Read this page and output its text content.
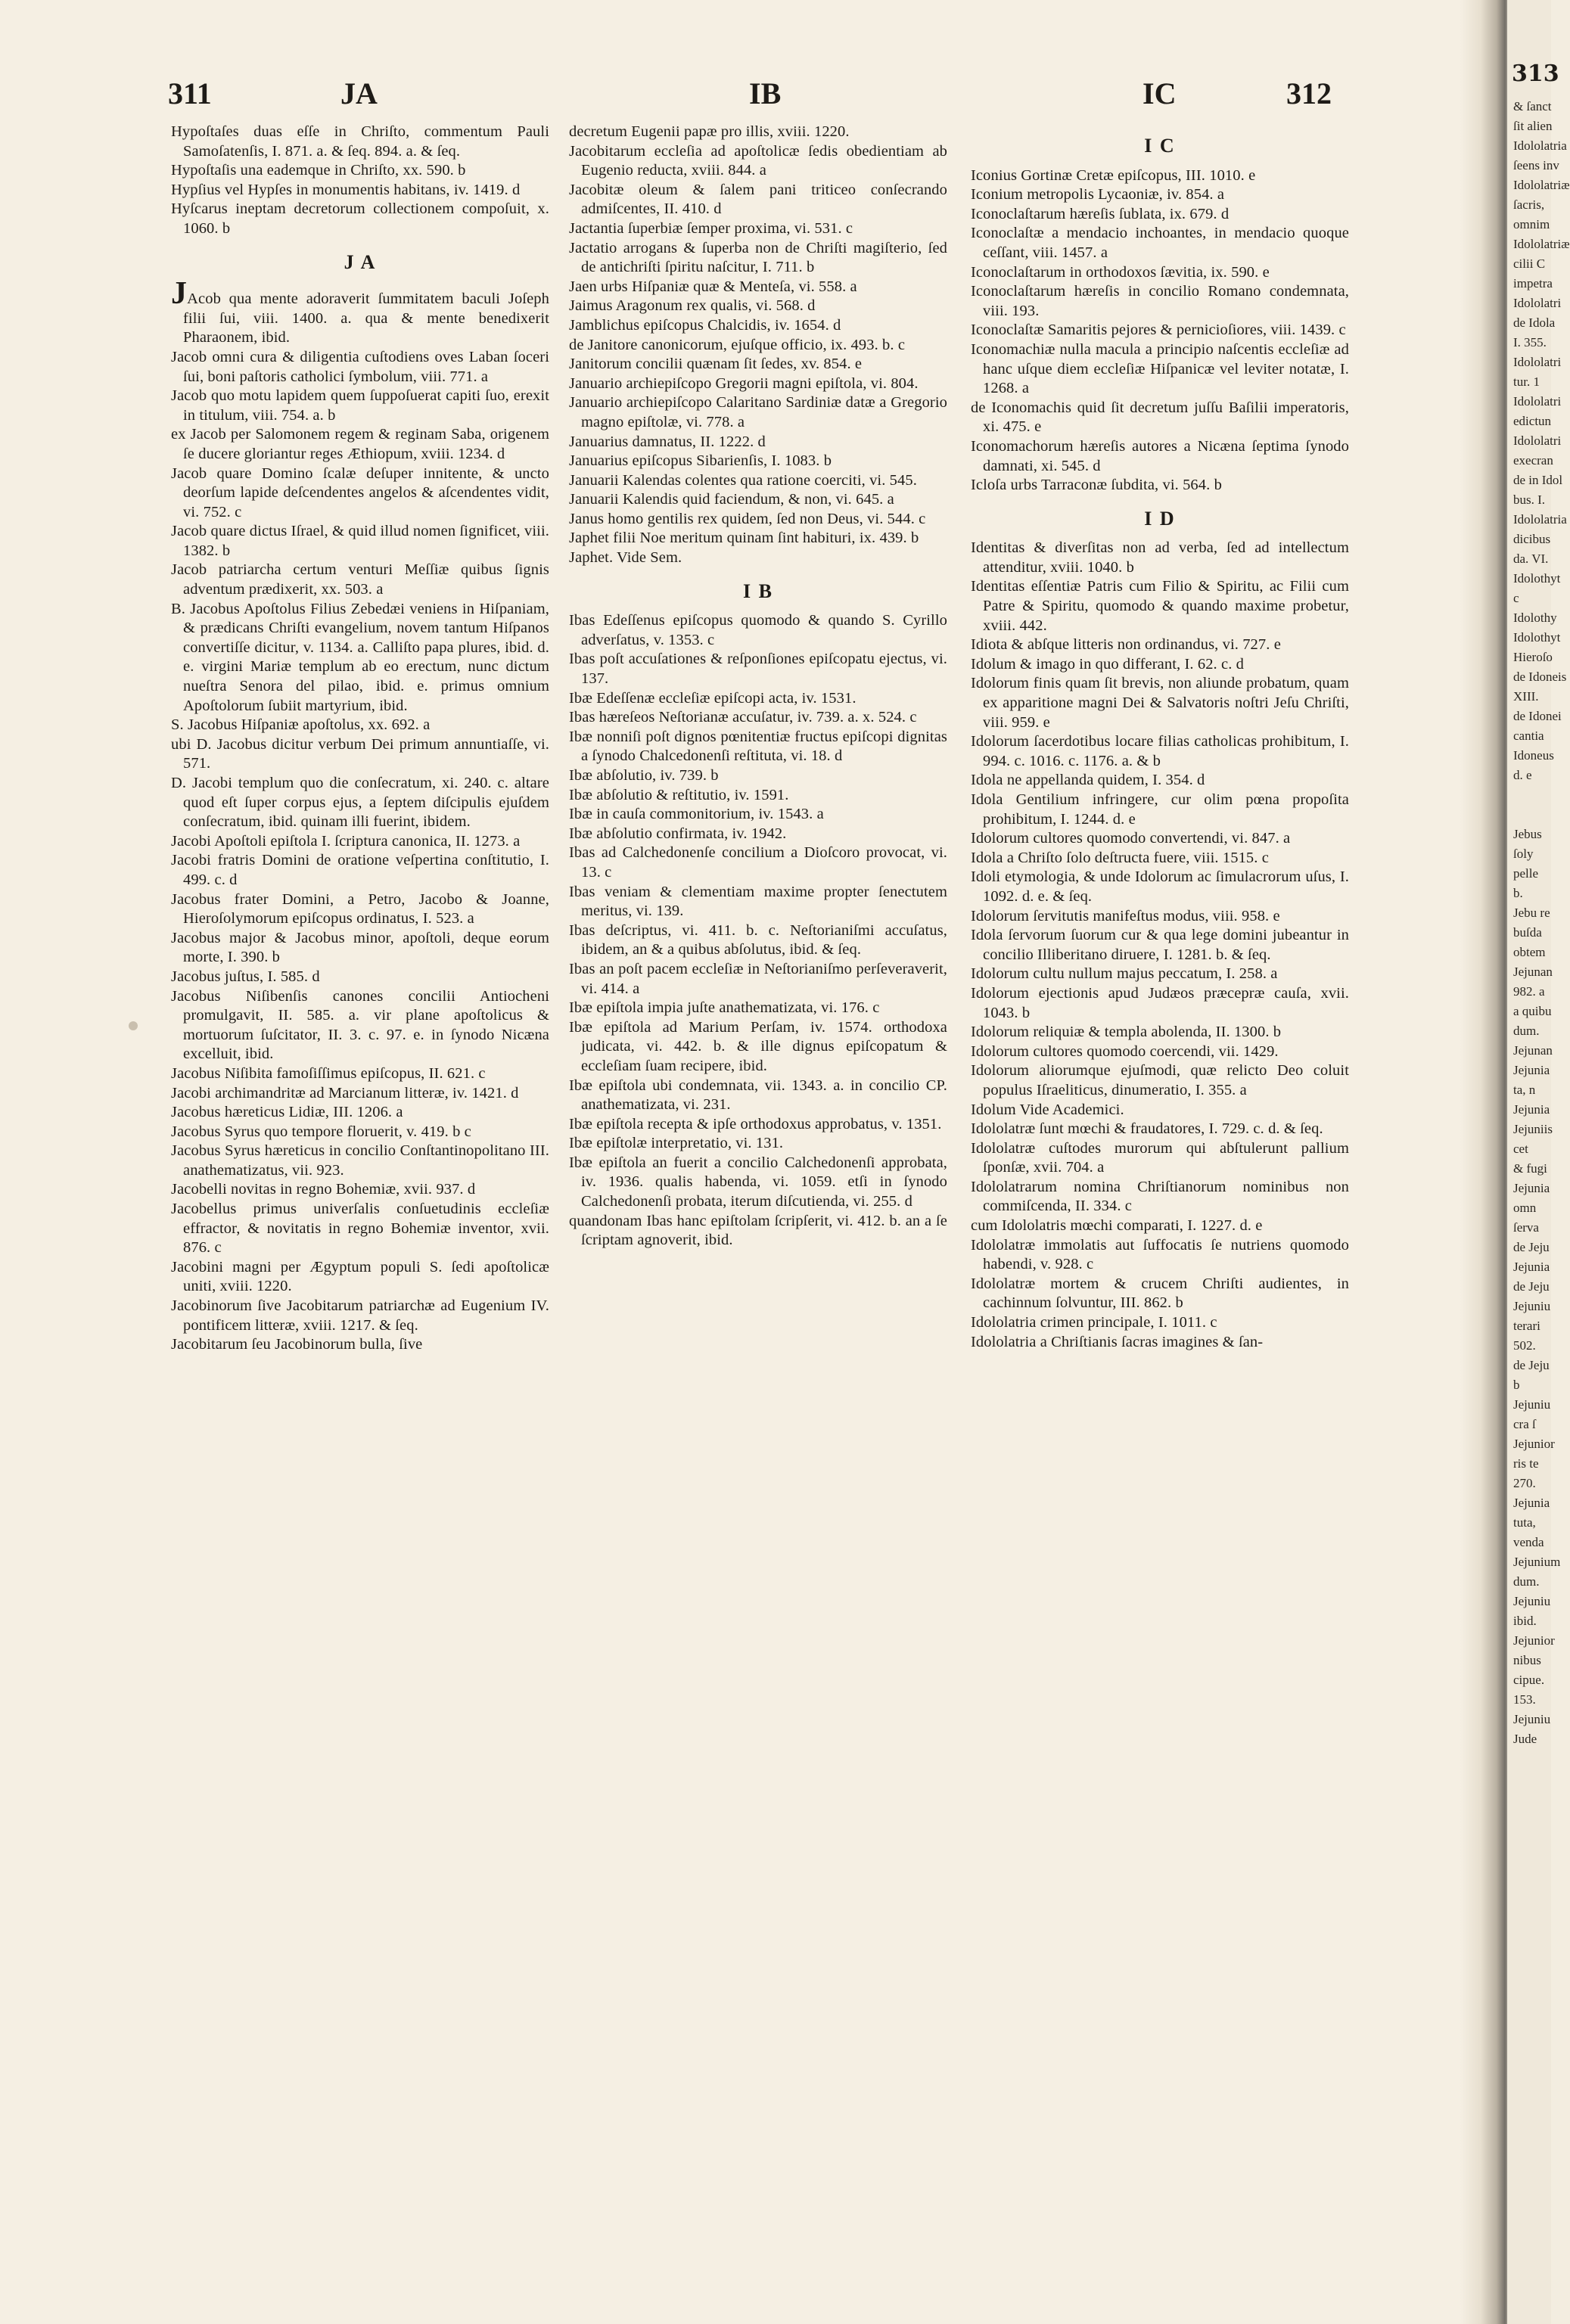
311	JA	IB	IC	312

Hypoſtaſes duas eſſe in Chriſto, commentum Pauli Samoſatenſis, I. 871. a. & ſeq. 894. a. & ſeq.

Hypoſtaſis una eademque in Chriſto, xx. 590. b

Hypſius vel Hypſes in monumentis habitans, iv. 1419. d

Hyſcarus ineptam decretorum collectionem compoſuit, x. 1060. b

J A

JAcob qua mente adoraverit ſummitatem baculi Joſeph filii ſui, viii. 1400. a. qua & mente benedixerit Pharaonem, ibid.

Jacob omni cura & diligentia cuſtodiens oves Laban ſoceri ſui, boni paſtoris catholici ſymbolum, viii. 771. a

Jacob quo motu lapidem quem ſuppoſuerat capiti ſuo, erexit in titulum, viii. 754. a. b

ex Jacob per Salomonem regem & reginam Saba, origenem ſe ducere gloriantur reges Æthiopum, xviii. 1234. d

Jacob quare Domino ſcalæ deſuper innitente, & uncto deorſum lapide deſcendentes angelos & aſcendentes vidit, vi. 752. c

Jacob quare dictus Iſrael, & quid illud nomen ſignificet, viii. 1382. b

Jacob patriarcha certum venturi Meſſiæ quibus ſignis adventum prædixerit, xx. 503. a

B. Jacobus Apoſtolus Filius Zebedæi veniens in Hiſpaniam, & prædicans Chriſti evangelium, novem tantum Hiſpanos convertiſſe dicitur, v. 1134. a. Calliſto papa plures, ibid. d. e. virgini Mariæ templum ab eo erectum, nunc dictum nueſtra Senora del pilao, ibid. e. primus omnium Apoſtolorum ſubiit martyrium, ibid.

S. Jacobus Hiſpaniæ apoſtolus, xx. 692. a

ubi D. Jacobus dicitur verbum Dei primum annuntiaſſe, vi. 571.

D. Jacobi templum quo die conſecratum, xi. 240. c. altare quod eſt ſuper corpus ejus, a ſeptem diſcipulis ejuſdem conſecratum, ibid. quinam illi fuerint, ibidem.

Jacobi Apoſtoli epiſtola I. ſcriptura canonica, II. 1273. a

Jacobi fratris Domini de oratione veſpertina conſtitutio, I. 499. c. d

Jacobus frater Domini, a Petro, Jacobo & Joanne, Hieroſolymorum epiſcopus ordinatus, I. 523. a

Jacobus major & Jacobus minor, apoſtoli, deque eorum morte, I. 390. b

Jacobus juſtus, I. 585. d

Jacobus Niſibenſis canones concilii Antiocheni promulgavit, II. 585. a. vir plane apoſtolicus & mortuorum ſuſcitator, II. 3. c. 97. e. in ſynodo Nicæna excelluit, ibid.

Jacobus Niſibita famoſiſſimus epiſcopus, II. 621. c

Jacobi archimandritæ ad Marcianum litteræ, iv. 1421. d

Jacobus hæreticus Lidiæ, III. 1206. a

Jacobus Syrus quo tempore floruerit, v. 419. b c

Jacobus Syrus hæreticus in concilio Conſtantinopolitano III. anathematizatus, vii. 923.

Jacobelli novitas in regno Bohemiæ, xvii. 937. d

Jacobellus primus univerſalis conſuetudinis eccleſiæ effractor, & novitatis in regno Bohemiæ inventor, xvii. 876. c

Jacobini magni per Ægyptum populi S. ſedi apoſtolicæ uniti, xviii. 1220.

Jacobinorum ſive Jacobitarum patriarchæ ad Eugenium IV. pontificem litteræ, xviii. 1217. & ſeq.

Jacobitarum ſeu Jacobinorum bulla, ſive

decretum Eugenii papæ pro illis, xviii. 1220.

Jacobitarum eccleſia ad apoſtolicæ ſedis obedientiam ab Eugenio reducta, xviii. 844. a

Jacobitæ oleum & ſalem pani triticeo conſecrando admiſcentes, II. 410. d

Jactantia ſuperbiæ ſemper proxima, vi. 531. c

Jactatio arrogans & ſuperba non de Chriſti magiſterio, ſed de antichriſti ſpiritu naſcitur, I. 711. b

Jaen urbs Hiſpaniæ quæ & Menteſa, vi. 558. a

Jaimus Aragonum rex qualis, vi. 568. d

Jamblichus epiſcopus Chalcidis, iv. 1654. d

de Janitore canonicorum, ejuſque officio, ix. 493. b. c

Janitorum concilii quænam ſit ſedes, xv. 854. e

Januario archiepiſcopo Gregorii magni epiſtola, vi. 804.

Januario archiepiſcopo Calaritano Sardiniæ datæ a Gregorio magno epiſtolæ, vi. 778. a

Januarius damnatus, II. 1222. d

Januarius epiſcopus Sibarienſis, I. 1083. b

Januarii Kalendas colentes qua ratione coerciti, vi. 545.

Januarii Kalendis quid faciendum, & non, vi. 645. a

Janus homo gentilis rex quidem, ſed non Deus, vi. 544. c

Japhet filii Noe meritum quinam ſint habituri, ix. 439. b

Japhet. Vide Sem.

I B

Ibas Edeſſenus epiſcopus quomodo & quando S. Cyrillo adverſatus, v. 1353. c

Ibas poſt accuſationes & reſponſiones epiſcopatu ejectus, vi. 137.

Ibæ Edeſſenæ eccleſiæ epiſcopi acta, iv. 1531.

Ibas hæreſeos Neſtorianæ accuſatur, iv. 739. a. x. 524. c

Ibæ nonniſi poſt dignos pœnitentiæ fructus epiſcopi dignitas a ſynodo Chalcedonenſi reſtituta, vi. 18. d

Ibæ abſolutio, iv. 739. b

Ibæ abſolutio & reſtitutio, iv. 1591.

Ibæ in cauſa commonitorium, iv. 1543. a

Ibæ abſolutio confirmata, iv. 1942.

Ibas ad Calchedonenſe concilium a Dioſcoro provocat, vi. 13. c

Ibas veniam & clementiam maxime propter ſenectutem meritus, vi. 139.

Ibas deſcriptus, vi. 411. b. c. Neſtorianiſmi accuſatus, ibidem, an & a quibus abſolutus, ibid. & ſeq.

Ibas an poſt pacem eccleſiæ in Neſtorianiſmo perſeveraverit, vi. 414. a

Ibæ epiſtola impia juſte anathematizata, vi. 176. c

Ibæ epiſtola ad Marium Perſam, iv. 1574. orthodoxa judicata, vi. 442. b. & ille dignus epiſcopatum & eccleſiam ſuam recipere, ibid.

Ibæ epiſtola ubi condemnata, vii. 1343. a. in concilio CP. anathematizata, vi. 231.

Ibæ epiſtola recepta & ipſe orthodoxus approbatus, v. 1351.

Ibæ epiſtolæ interpretatio, vi. 131.

Ibæ epiſtola an fuerit a concilio Calchedonenſi approbata, iv. 1936. qualis habenda, vi. 1059. etſi in ſynodo Calchedonenſi probata, iterum diſcutienda, vi. 255. d

quandonam Ibas hanc epiſtolam ſcripſerit, vi. 412. b. an a ſe ſcriptam agnoverit, ibid.

I C

Iconius Gortinæ Cretæ epiſcopus, III. 1010. e

Iconium metropolis Lycaoniæ, iv. 854. a

Iconoclaſtarum hæreſis ſublata, ix. 679. d

Iconoclaſtæ a mendacio inchoantes, in mendacio quoque ceſſant, viii. 1457. a

Iconoclaſtarum in orthodoxos ſævitia, ix. 590. e

Iconoclaſtarum hæreſis in concilio Romano condemnata, viii. 193.

Iconoclaſtæ Samaritis pejores & pernicioſiores, viii. 1439. c

Iconomachiæ nulla macula a principio naſcentis eccleſiæ ad hanc uſque diem eccleſiæ Hiſpanicæ vel leviter notatæ, I. 1268. a

de Iconomachis quid ſit decretum juſſu Baſilii imperatoris, xi. 475. e

Iconomachorum hæreſis autores a Nicæna ſeptima ſynodo damnati, xi. 545. d

Icloſa urbs Tarraconæ ſubdita, vi. 564. b

I D

Identitas & diverſitas non ad verba, ſed ad intellectum attenditur, xviii. 1040. b

Identitas eſſentiæ Patris cum Filio & Spiritu, ac Filii cum Patre & Spiritu, quomodo & quando maxime probetur, xviii. 442.

Idiota & abſque litteris non ordinandus, vi. 727. e

Idolum & imago in quo differant, I. 62. c. d

Idolorum finis quam ſit brevis, non aliunde probatum, quam ex apparitione magni Dei & Salvatoris noſtri Jeſu Chriſti, viii. 959. e

Idolorum ſacerdotibus locare filias catholicas prohibitum, I. 994. c. 1016. c. 1176. a. & b

Idola ne appellanda quidem, I. 354. d

Idola Gentilium infringere, cur olim pœna propoſita prohibitum, I. 1244. d. e

Idolorum cultores quomodo convertendi, vi. 847. a

Idola a Chriſto ſolo deſtructa fuere, viii. 1515. c

Idoli etymologia, & unde Idolorum ac ſimulacrorum uſus, I. 1092. d. e. & ſeq.

Idolorum ſervitutis manifeſtus modus, viii. 958. e

Idola ſervorum ſuorum cur & qua lege domini jubeantur in concilio Illiberitano diruere, I. 1281. b. & ſeq.

Idolorum cultu nullum majus peccatum, I. 258. a

Idolorum ejectionis apud Judæos præcepræ cauſa, xvii. 1043. b

Idolorum reliquiæ & templa abolenda, II. 1300. b

Idolorum cultores quomodo coercendi, vii. 1429.

Idolorum aliorumque ejuſmodi, quæ relicto Deo coluit populus Iſraeliticus, dinumeratio, I. 355. a

Idolum Vide Academici.

Idololatræ ſunt mœchi & fraudatores, I. 729. c. d. & ſeq.

Idololatræ cuſtodes murorum qui abſtulerunt pallium ſponſæ, xvii. 704. a

Idololatrarum nomina Chriſtianorum nominibus non commiſcenda, II. 334. c

cum Idololatris mœchi comparati, I. 1227. d. e

Idololatræ immolatis aut ſuffocatis ſe nutriens quomodo habendi, v. 928. c

Idololatræ mortem & crucem Chriſti audientes, in cachinnum ſolvuntur, III. 862. b

Idololatria crimen principale, I. 1011. c

Idololatria a Chriſtianis ſacras imagines & ſan-

313
& ſanct
ſit alien
Idololatria
ſeens inv
Idololatriæ
ſacris,
omnim
Idololatriæ
cilii C
impetra
Idololatri
de Idola
I. 355.
Idololatri
tur. 1
Idololatri
edictun
Idololatri
execran
de in Idol
bus. I.
Idololatria
dicibus
da. VI.
Idolothyt
c
Idolothy
Idolothyt
Hieroſo
de Idoneis
XIII.
de Idonei
cantia
Idoneus
d. e

Jebus
ſoly
pelle
b.
Jebu re
buſda
obtem
Jejunan
982. a
a quibu
dum.
Jejunan
Jejunia
ta, n
Jejunia
Jejuniis
cet
& fugi
Jejunia
omn
ſerva
de Jeju
Jejunia
de Jeju
Jejuniu
terari
502.
de Jeju
b
Jejuniu
cra ſ
Jejunior
ris te
270.
Jejunia
tuta,
venda
Jejunium
dum.
Jejuniu
ibid.
Jejunior
nibus
cipue.
153.
Jejuniu
Jude
